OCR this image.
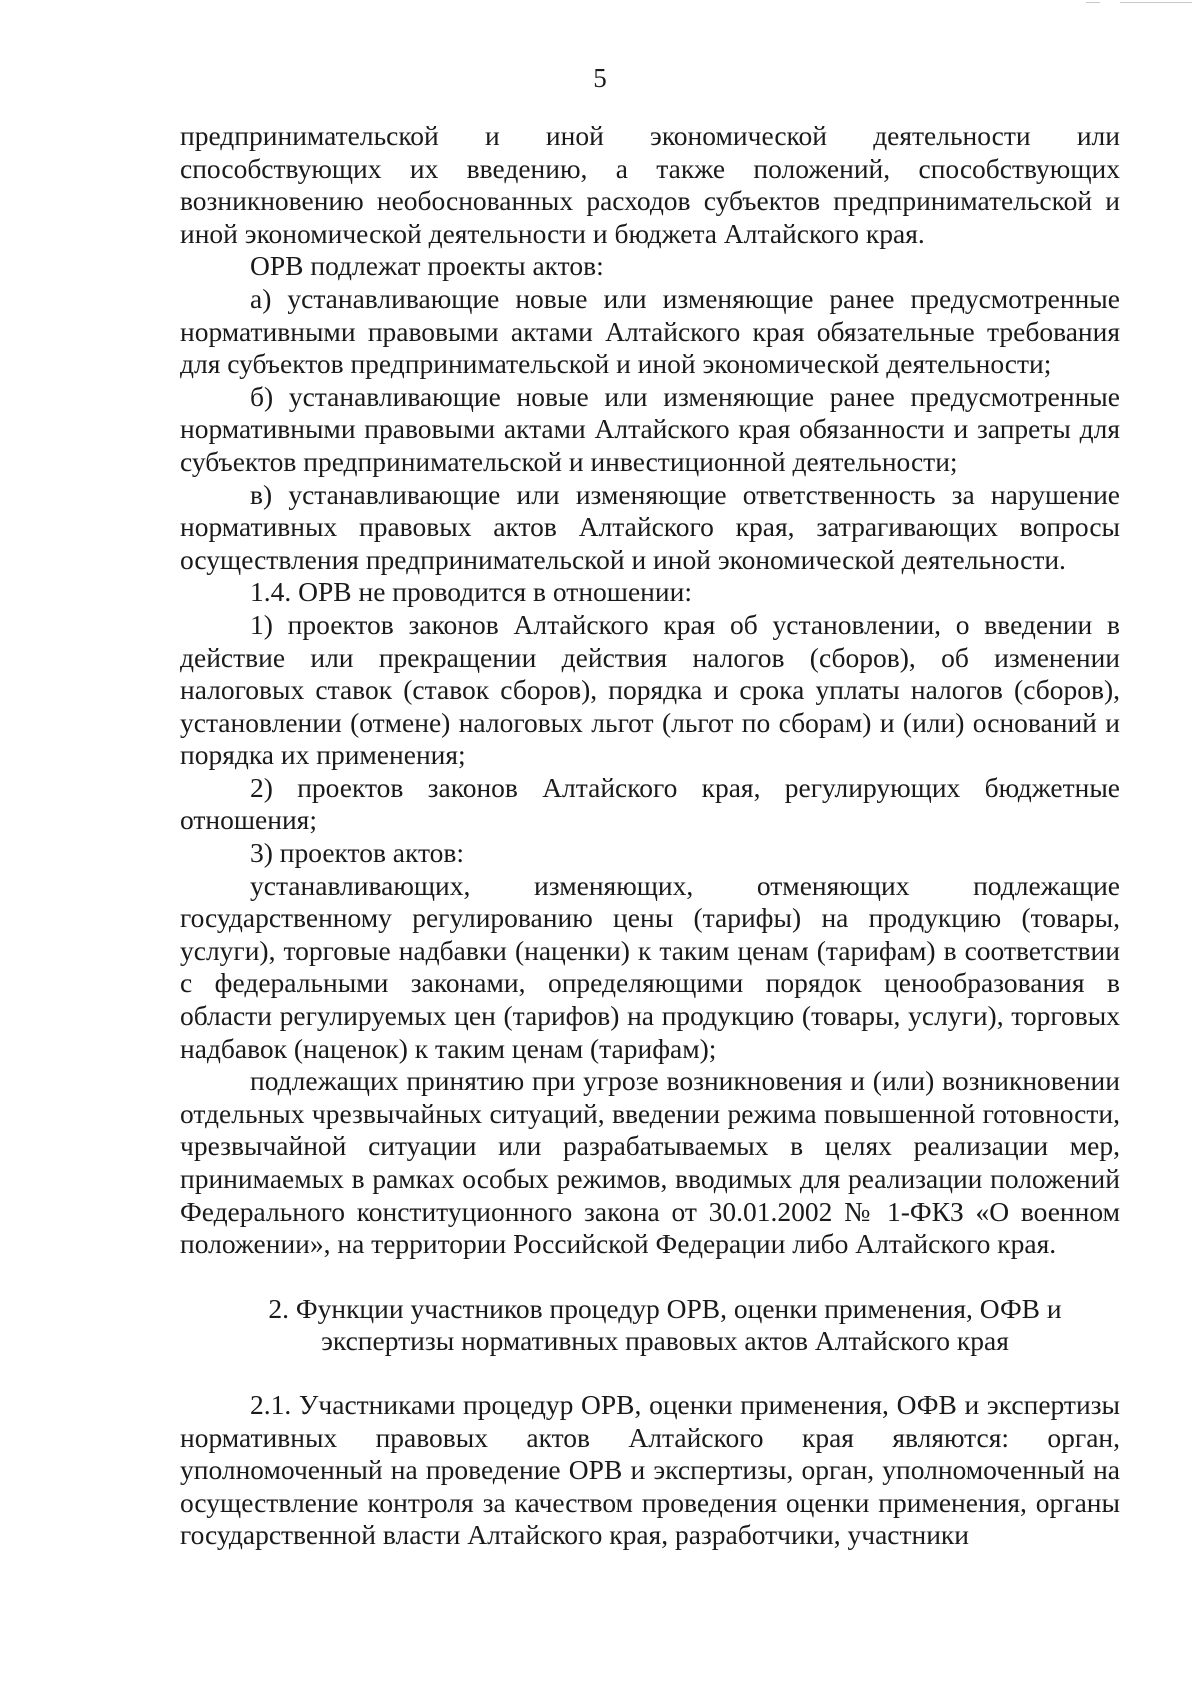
5

предпринимательской и иной экономической деятельности или способствующих их введению, а также положений, способствующих возникновению необоснованных расходов субъектов предпринимательской и иной экономической деятельности и бюджета Алтайского края.

ОРВ подлежат проекты актов:

а) устанавливающие новые или изменяющие ранее предусмотренные нормативными правовыми актами Алтайского края обязательные требования для субъектов предпринимательской и иной экономической деятельности;

б) устанавливающие новые или изменяющие ранее предусмотренные нормативными правовыми актами Алтайского края обязанности и запреты для субъектов предпринимательской и инвестиционной деятельности;

в) устанавливающие или изменяющие ответственность за нарушение нормативных правовых актов Алтайского края, затрагивающих вопросы осуществления предпринимательской и иной экономической деятельности.

1.4. ОРВ не проводится в отношении:

1) проектов законов Алтайского края об установлении, о введении в действие или прекращении действия налогов (сборов), об изменении налоговых ставок (ставок сборов), порядка и срока уплаты налогов (сборов), установлении (отмене) налоговых льгот (льгот по сборам) и (или) оснований и порядка их применения;

2) проектов законов Алтайского края, регулирующих бюджетные отношения;

3) проектов актов:

устанавливающих, изменяющих, отменяющих подлежащие государственному регулированию цены (тарифы) на продукцию (товары, услуги), торговые надбавки (наценки) к таким ценам (тарифам) в соответствии с федеральными законами, определяющими порядок ценообразования в области регулируемых цен (тарифов) на продукцию (товары, услуги), торговых надбавок (наценок) к таким ценам (тарифам);

подлежащих принятию при угрозе возникновения и (или) возникновении отдельных чрезвычайных ситуаций, введении режима повышенной готовности, чрезвычайной ситуации или разрабатываемых в целях реализации мер, принимаемых в рамках особых режимов, вводимых для реализации положений Федерального конституционного закона от 30.01.2002 № 1-ФКЗ «О военном положении», на территории Российской Федерации либо Алтайского края.

2. Функции участников процедур ОРВ, оценки применения, ОФВ и экспертизы нормативных правовых актов Алтайского края

2.1. Участниками процедур ОРВ, оценки применения, ОФВ и экспертизы нормативных правовых актов Алтайского края являются: орган, уполномоченный на проведение ОРВ и экспертизы, орган, уполномоченный на осуществление контроля за качеством проведения оценки применения, органы государственной власти Алтайского края, разработчики, участники
